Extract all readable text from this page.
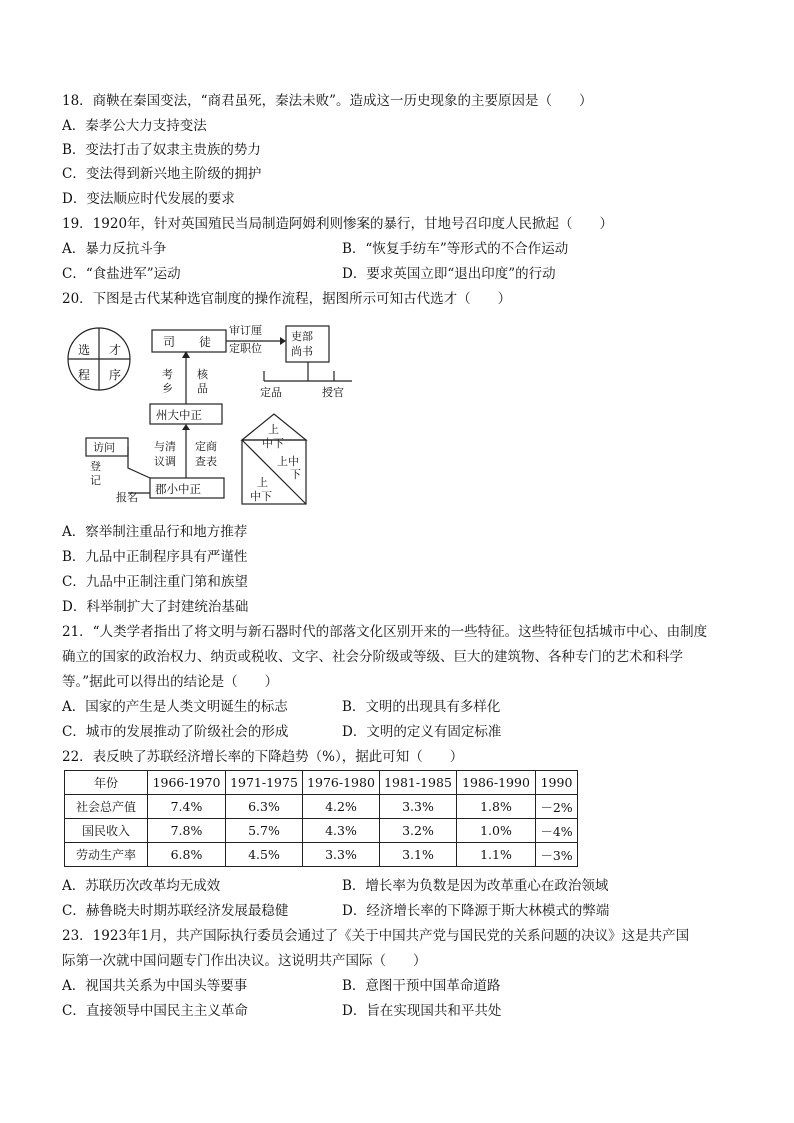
18．商鞅在秦国变法，“商君虽死，秦法未败”。造成这一历史现象的主要原因是（　　）
A．秦孝公大力支持变法
B．变法打击了奴隶主贵族的势力
C．变法得到新兴地主阶级的拥护
D．变法顺应时代发展的要求
19．1920年，针对英国殖民当局制造阿姆利则惨案的暴行，甘地号召印度人民掀起（　　）
A．暴力反抗斗争	B．“恢复手纺车”等形式的不合作运动
C．“食盐进军”运动	D．要求英国立即“退出印度”的行动
20．下图是古代某种选官制度的操作流程，据图所示可知古代选才（　　）
选 才
程 序
司　　徒
审订厘
定职位
吏部
尚书
定品	授官
考
乡
核
品
州大中正
访问
登
记
与清
议调
定商
查表
郡小中正
报名
上
中下
上中
下
上
中下
A．察举制注重品行和地方推荐
B．九品中正制程序具有严谨性
C．九品中正制注重门第和族望
D．科举制扩大了封建统治基础
21．“人类学者指出了将文明与新石器时代的部落文化区别开来的一些特征。这些特征包括城市中心、由制度
确立的国家的政治权力、纳贡或税收、文字、社会分阶级或等级、巨大的建筑物、各种专门的艺术和科学
等。”据此可以得出的结论是（　　）
A．国家的产生是人类文明诞生的标志	B．文明的出现具有多样化
C．城市的发展推动了阶级社会的形成	D．文明的定义有固定标准
22．表反映了苏联经济增长率的下降趋势（%），据此可知（　　）
年份	1966-1970	1971-1975	1976-1980	1981-1985	1986-1990	1990
社会总产值	7.4%	6.3%	4.2%	3.3%	1.8%	－2%
国民收入	7.8%	5.7%	4.3%	3.2%	1.0%	－4%
劳动生产率	6.8%	4.5%	3.3%	3.1%	1.1%	－3%
A．苏联历次改革均无成效	B．增长率为负数是因为改革重心在政治领域
C．赫鲁晓夫时期苏联经济发展最稳健	D．经济增长率的下降源于斯大林模式的弊端
23．1923年1月，共产国际执行委员会通过了《关于中国共产党与国民党的关系问题的决议》这是共产国
际第一次就中国问题专门作出决议。这说明共产国际（　　）
A．视国共关系为中国头等要事	B．意图干预中国革命道路
C．直接领导中国民主主义革命	D．旨在实现国共和平共处
